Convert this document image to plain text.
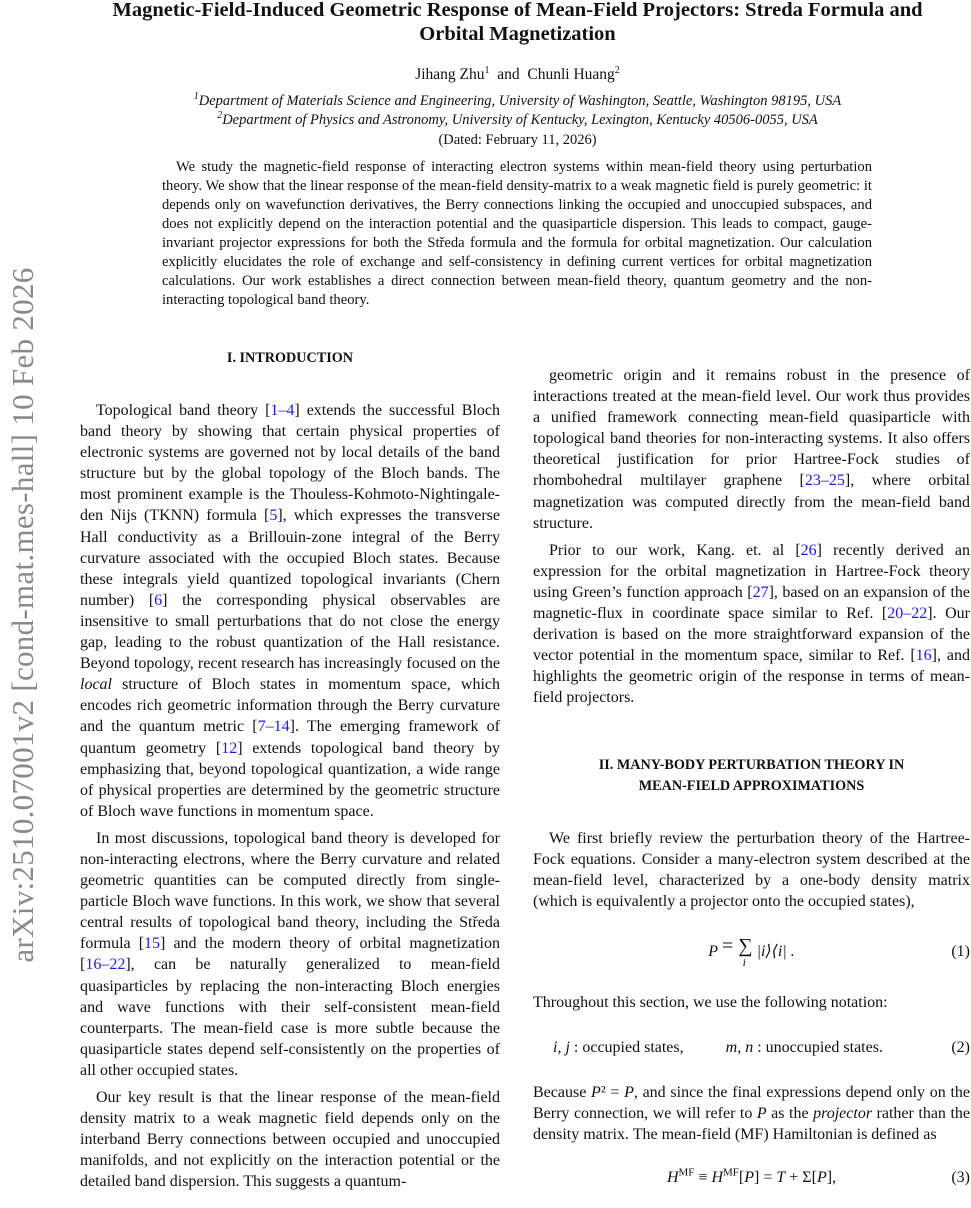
arXiv:2510.07001v2 [cond-mat.mes-hall] 10 Feb 2026
Magnetic-Field-Induced Geometric Response of Mean-Field Projectors: Streda Formula and Orbital Magnetization
Jihang Zhu$^1$ and Chunli Huang$^2$
$^1$Department of Materials Science and Engineering, University of Washington, Seattle, Washington 98195, USA
$^2$Department of Physics and Astronomy, University of Kentucky, Lexington, Kentucky 40506-0055, USA
(Dated: February 11, 2026)
We study the magnetic-field response of interacting electron systems within mean-field theory using perturbation theory. We show that the linear response of the mean-field density-matrix to a weak magnetic field is purely geometric: it depends only on wavefunction derivatives, the Berry connections linking the occupied and unoccupied subspaces, and does not explicitly depend on the interaction potential and the quasiparticle dispersion. This leads to compact, gauge-invariant projector expressions for both the Středa formula and the formula for orbital magnetization. Our calculation explicitly elucidates the role of exchange and self-consistency in defining current vertices for orbital magnetization calculations. Our work establishes a direct connection between mean-field theory, quantum geometry and the non-interacting topological band theory.
I. INTRODUCTION

Topological band theory [1–4] extends the successful Bloch band theory by showing that certain physical properties of electronic systems are governed not by local details of the band structure but by the global topology of the Bloch bands. The most prominent example is the Thouless-Kohmoto-Nightingale-den Nijs (TKNN) formula [5], which expresses the transverse Hall conductivity as a Brillouin-zone integral of the Berry curvature associated with the occupied Bloch states. Because these integrals yield quantized topological invariants (Chern number) [6] the corresponding physical observables are insensitive to small perturbations that do not close the energy gap, leading to the robust quantization of the Hall resistance. Beyond topology, recent research has increasingly focused on the local structure of Bloch states in momentum space, which encodes rich geometric information through the Berry curvature and the quantum metric [7–14]. The emerging framework of quantum geometry [12] extends topological band theory by emphasizing that, beyond topological quantization, a wide range of physical properties are determined by the geometric structure of Bloch wave functions in momentum space.

In most discussions, topological band theory is developed for non-interacting electrons, where the Berry curvature and related geometric quantities can be computed directly from single-particle Bloch wave functions. In this work, we show that several central results of topological band theory, including the Středa formula [15] and the modern theory of orbital magnetization [16–22], can be naturally generalized to mean-field quasiparticles by replacing the non-interacting Bloch energies and wave functions with their self-consistent mean-field counterparts. The mean-field case is more subtle because the quasiparticle states depend self-consistently on the properties of all other occupied states.

Our key result is that the linear response of the mean-field density matrix to a weak magnetic field depends only on the interband Berry connections between occupied and unoccupied manifolds, and not explicitly on the interaction potential or the detailed band dispersion. This suggests a quantum-

geometric origin and it remains robust in the presence of interactions treated at the mean-field level. Our work thus provides a unified framework connecting mean-field quasiparticle with topological band theories for non-interacting systems. It also offers theoretical justification for prior Hartree-Fock studies of rhombohedral multilayer graphene [23–25], where orbital magnetization was computed directly from the mean-field band structure.

Prior to our work, Kang. et. al [26] recently derived an expression for the orbital magnetization in Hartree-Fock theory using Green’s function approach [27], based on an expansion of the magnetic-flux in coordinate space similar to Ref. [20–22]. Our derivation is based on the more straightforward expansion of the vector potential in the momentum space, similar to Ref. [16], and highlights the geometric origin of the response in terms of mean-field projectors.

II. MANY-BODY PERTURBATION THEORY IN
MEAN-FIELD APPROXIMATIONS

We first briefly review the perturbation theory of the Hartree-Fock equations. Consider a many-electron system described at the mean-field level, characterized by a one-body density matrix (which is equivalently a projector onto the occupied states),

P
= ∑
i

|i⟩⟨i| .	(1)

Throughout this section, we use the following notation:

i, j
: occupied states,	m, n
: unoccupied states.	(2)
Because P² = P, and since the final expressions depend only on the Berry connection, we will refer to P as the projector rather than the density matrix. The mean-field (MF) Hamiltonian is defined as
$H^{MF} \equiv H^{MF}[P] = T + \Sigma[P]$,	(3)
